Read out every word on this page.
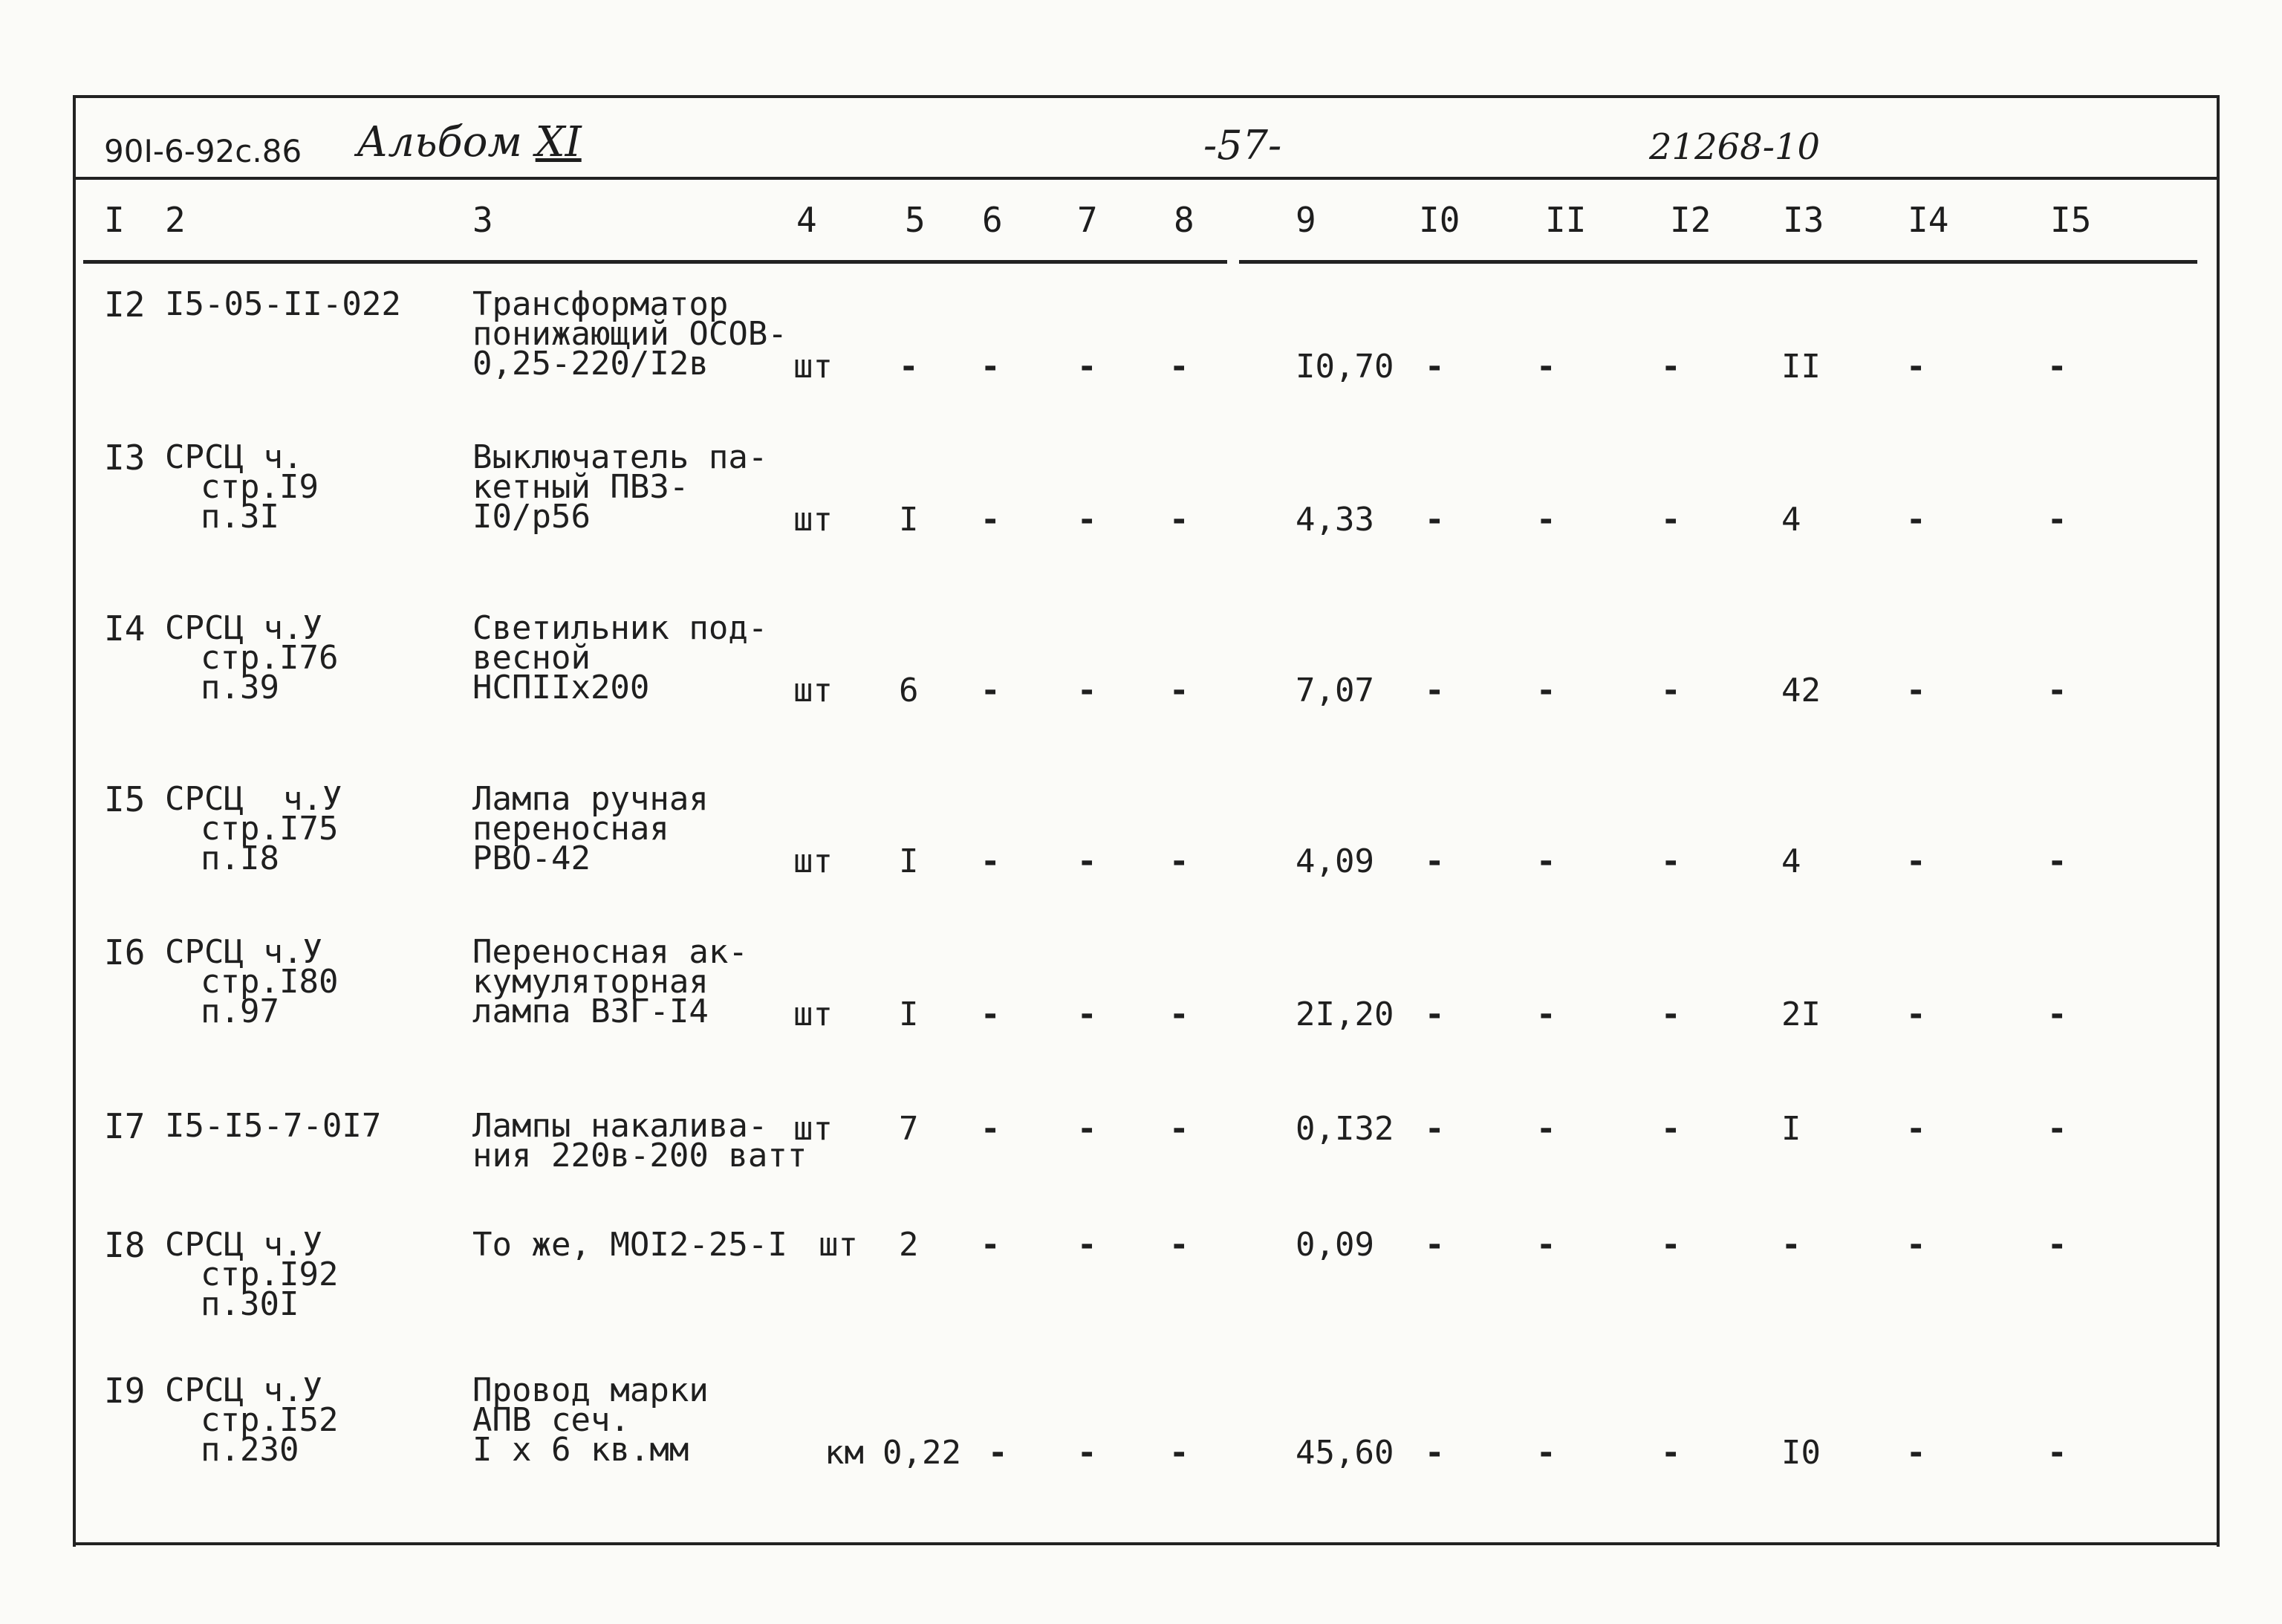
90I-6-92с.86 Альбом XI	-57-	21268-10
I 2	3	4	5 6 7 8	9	I0 II I2 I3 I4	I5
I2 I5-05-II-022 Трансформатор
понижающий ОСОВ-
0,25-220/I2в	шт - - - -	I0,70 -	-	-	II	-	-
I3 СРСЦ ч.
стр.I9
п.3I
Выключатель па-
кетный ПВЗ-
I0/р56	шт I - - -	4,33 -	-	-	4	-	-
I4 СРСЦ ч.У
стр.I76
п.39
Светильник под-
весной
НСПIIх200	шт 6 - - -	7,07 -	-	-	42	-	-
I5 СРСЦ  ч.У
стр.I75
п.I8
Лампа ручная
переносная
РВО-42	шт I - - -	4,09 -	-	-	4	-	-
I6 СРСЦ ч.У
стр.I80
п.97
Переносная ак-
кумуляторная
лампа ВЗГ-I4	шт I - - -	2I,20 -	-	-	2I	-	-
I7 I5-I5-7-0I7	Лампы накалива-
ния 220в-200 ватт
шт 7 - - -	0,I32 -	-	-	I	-	-
I8 СРСЦ ч.У
стр.I92
п.30I
То же, МОI2-25-I шт 2 - - -	0,09 -	-	-	-	-	-
I9 СРСЦ ч.У
стр.I52
п.230
Провод марки
АПВ сеч.
I x 6 кв.мм	км 0,22 - - -	45,60 -	-	-	I0	-	-
